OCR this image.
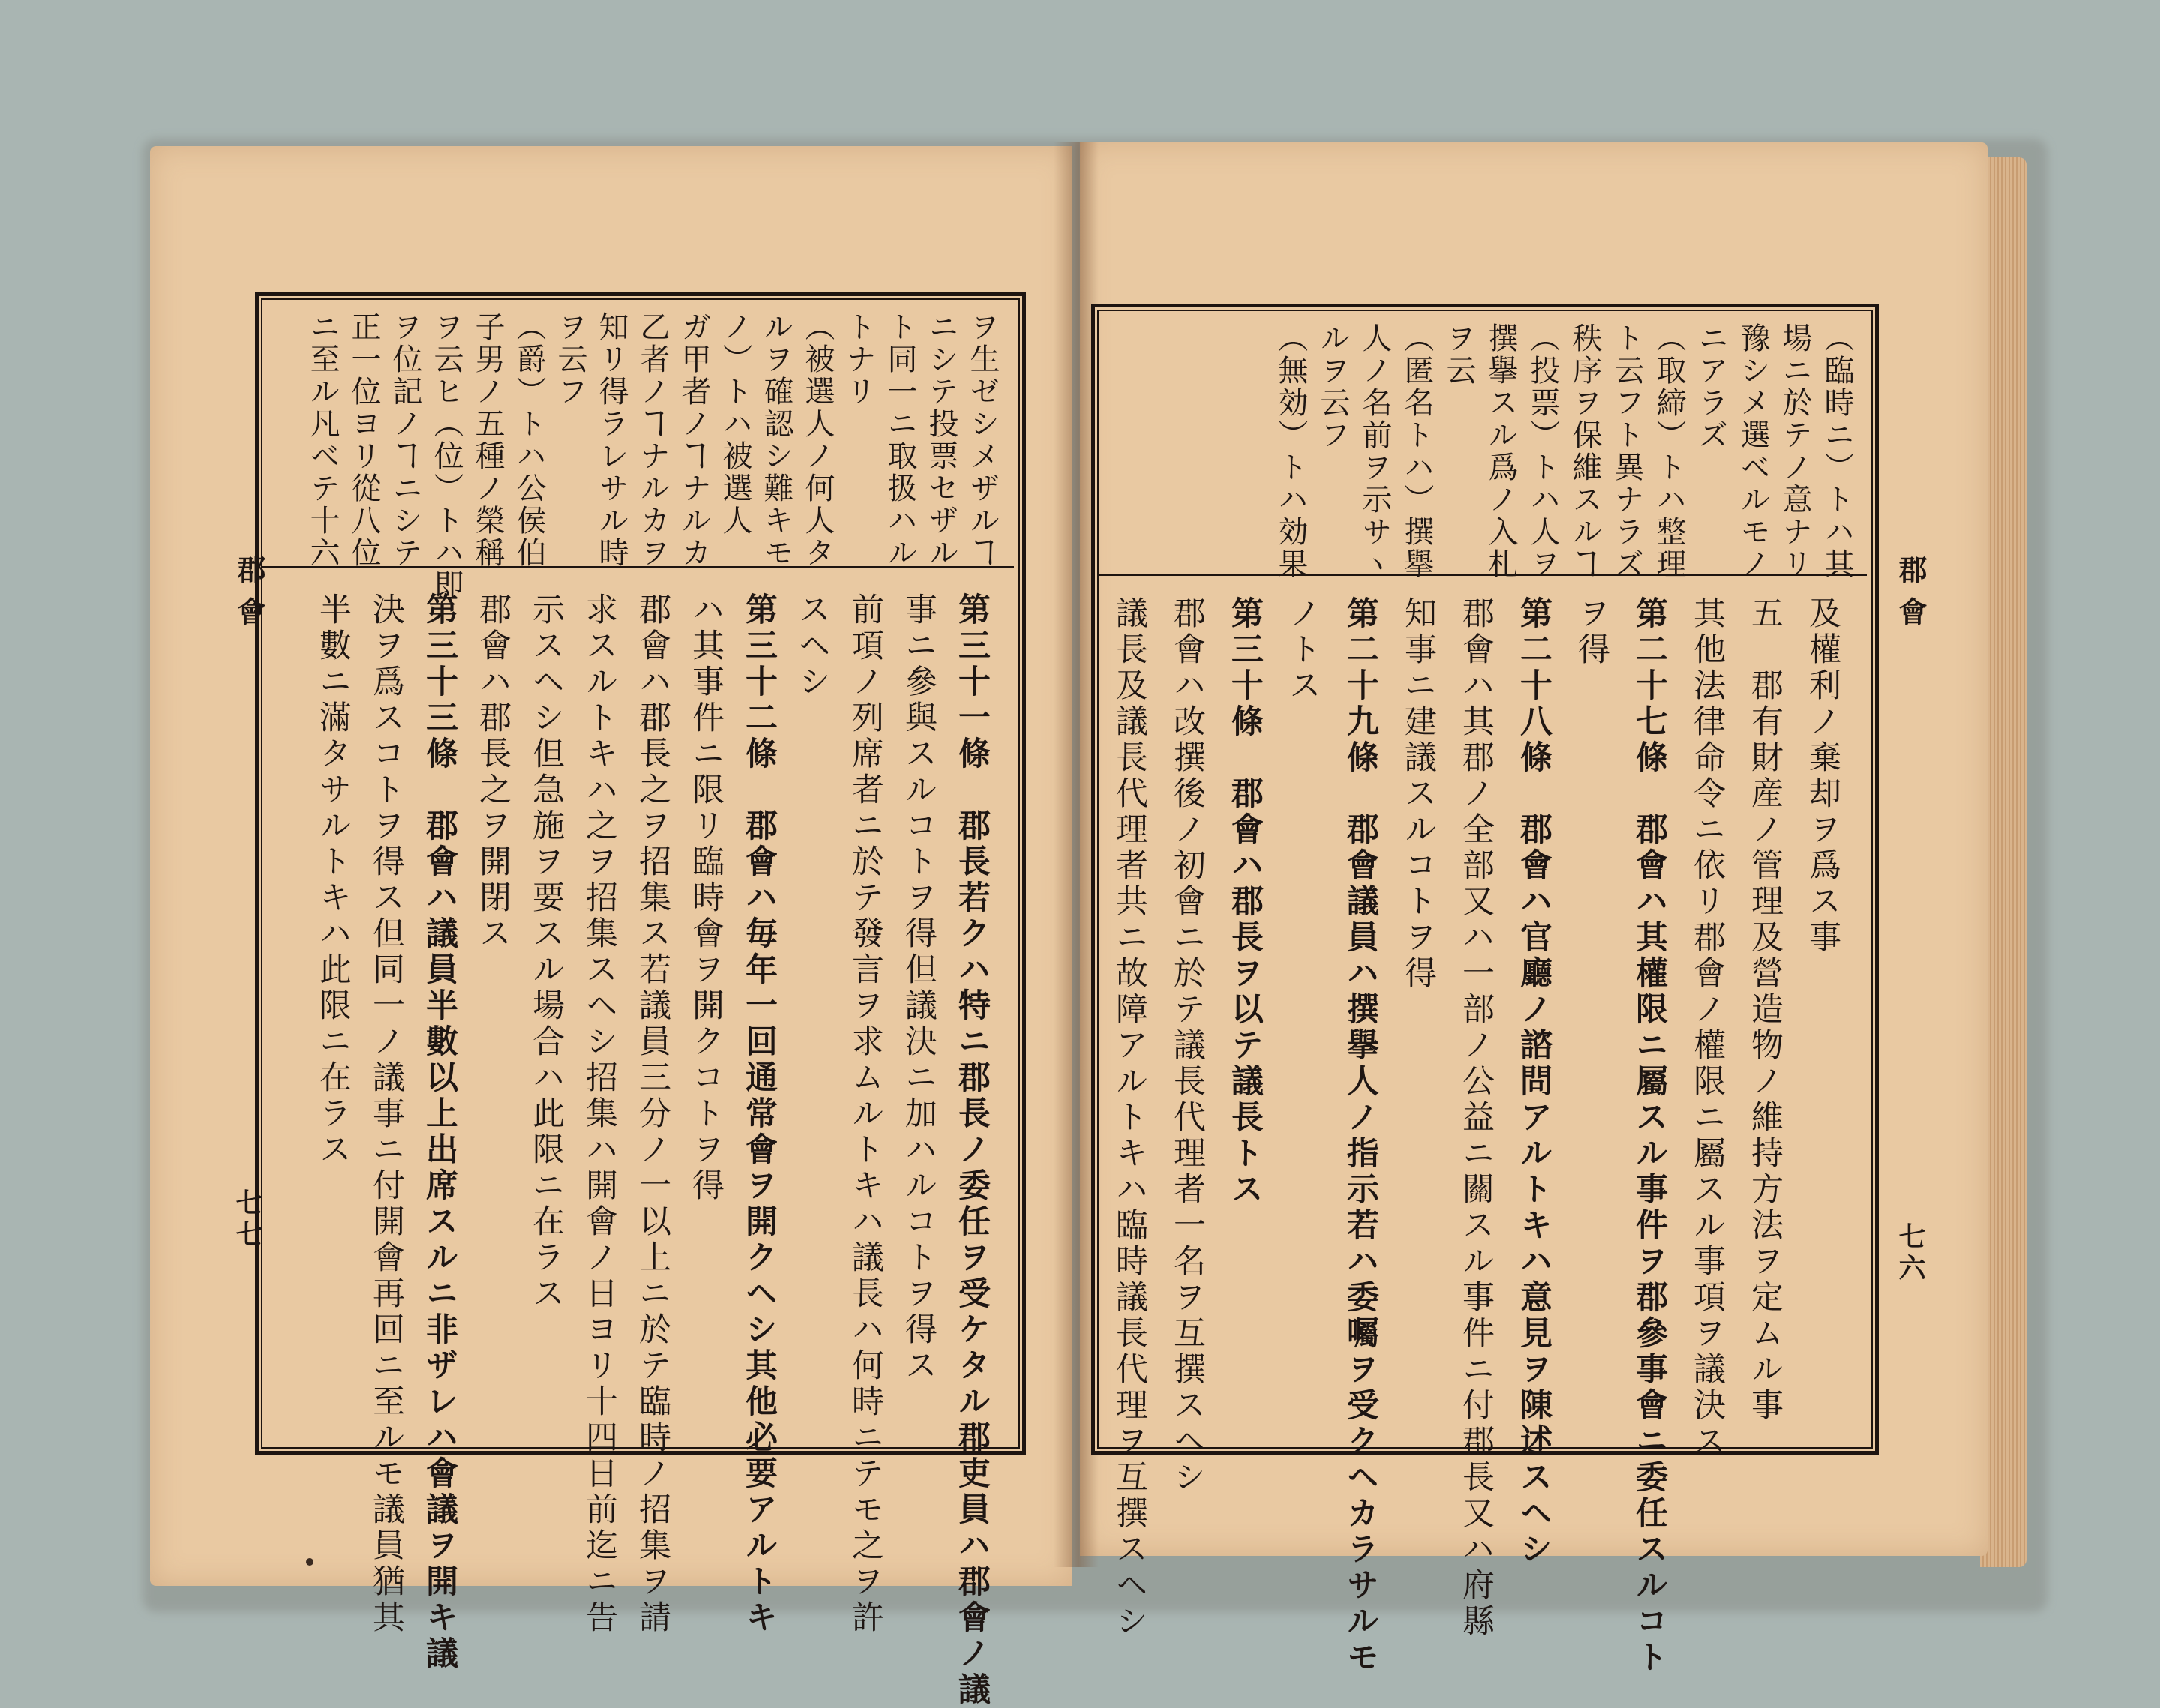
郡會
七七
ヲ生ゼシメザルヿ
ニシテ投票セザル
ト同一ニ取扱ハル
トナリ
（被選人ノ何人タ
ルヲ確認シ難キモ
ノ）トハ被選人
ガ甲者ノヿナルカ
乙者ノヿナルカヲ
知リ得ラレサル時
ヲ云フ
（爵）トハ公侯伯
子男ノ五種ノ榮稱
ヲ云ヒ（位）トハ即
ヲ位記ノヿニシテ
正一位ヨリ從八位
ニ至ル凡ベテ十六
第三十一條　郡長若クハ特ニ郡長ノ委任ヲ受ケタル郡吏員ハ郡會ノ議
事ニ參與スルコトヲ得但議決ニ加ハルコトヲ得ス
前項ノ列席者ニ於テ發言ヲ求ムルトキハ議長ハ何時ニテモ之ヲ許
スヘシ
第三十二條　郡會ハ毎年一回通常會ヲ開クヘシ其他必要アルトキ
ハ其事件ニ限リ臨時會ヲ開クコトヲ得
郡會ハ郡長之ヲ招集ス若議員三分ノ一以上ニ於テ臨時ノ招集ヲ請
求スルトキハ之ヲ招集スヘシ招集ハ開會ノ日ヨリ十四日前迄ニ告
示スヘシ但急施ヲ要スル場合ハ此限ニ在ラス
郡會ハ郡長之ヲ開閉ス
第三十三條　郡會ハ議員半數以上出席スルニ非ザレハ會議ヲ開キ議
決ヲ爲スコトヲ得ス但同一ノ議事ニ付開會再回ニ至ルモ議員猶其
半數ニ滿タサルトキハ此限ニ在ラス	郡會
七六
（臨時ニ）トハ其
場ニ於テノ意ナリ
豫シメ選ベルモノ
ニアラズ
（取締）トハ整理
ト云フト異ナラズ
秩序ヲ保維スルヿ
（投票）トハ人ヲ
撰擧スル爲ノ入札
ヲ云
（匿名トハ）撰擧
人ノ名前ヲ示サヽ
ルヲ云フ
（無効）トハ効果
及權利ノ棄却ヲ爲ス事
五　郡有財産ノ管理及營造物ノ維持方法ヲ定ムル事
其他法律命令ニ依リ郡會ノ權限ニ屬スル事項ヲ議決ス
第二十七條　郡會ハ其權限ニ屬スル事件ヲ郡參事會ニ委任スルコト
ヲ得
第二十八條　郡會ハ官廳ノ諮問アルトキハ意見ヲ陳述スヘシ
郡會ハ其郡ノ全部又ハ一部ノ公益ニ關スル事件ニ付郡長又ハ府縣
知事ニ建議スルコトヲ得
第二十九條　郡會議員ハ撰擧人ノ指示若ハ委囑ヲ受クヘカラサルモ
ノトス
第三十條　郡會ハ郡長ヲ以テ議長トス
郡會ハ改撰後ノ初會ニ於テ議長代理者一名ヲ互撰スヘシ
議長及議長代理者共ニ故障アルトキハ臨時議長代理ヲ互撰スヘシ
